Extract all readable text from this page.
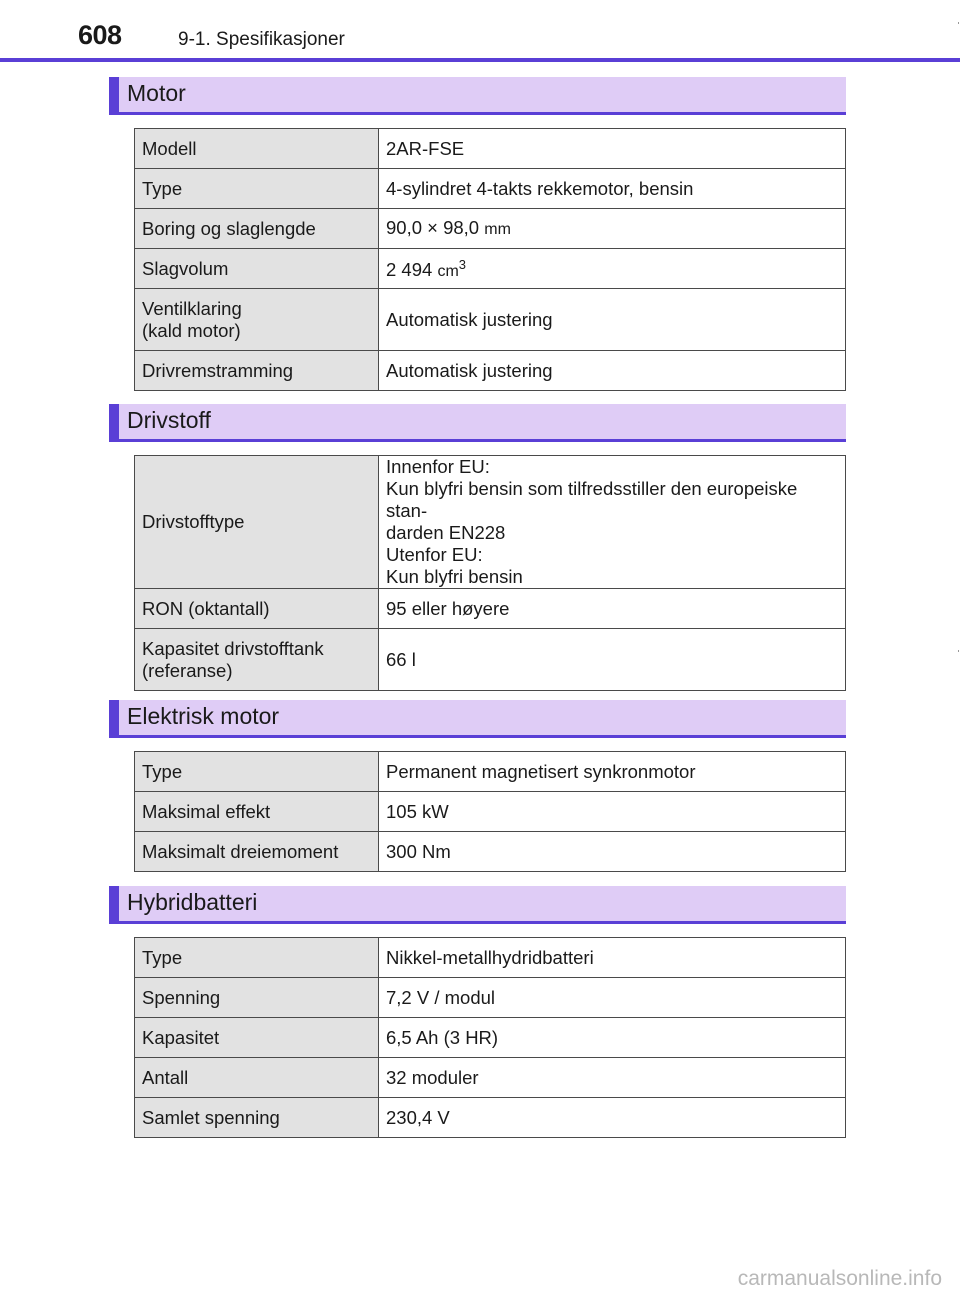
608	9-1. Spesifikasjoner
Motor
Modell	2AR-FSE
Type	4-sylindret 4-takts rekkemotor, bensin
Boring og slaglengde	90,0 × 98,0 mm
Slagvolum	2 494 $cm^3$

Ventilklaring
(kald motor)	Automatisk justering
Drivremstramming	Automatisk justering
Drivstoff
Drivstofftype	Innenfor EU:
Kun blyfri bensin som tilfredsstiller den europeiske stan-
darden EN228
Utenfor EU:
Kun blyfri bensin

RON (oktantall)	95 eller høyere

Kapasitet drivstofftank
(referanse)	66 l
Elektrisk motor
Type	Permanent magnetisert synkronmotor
Maksimal effekt	105 kW
Maksimalt dreiemoment	300 Nm
Hybridbatteri
Type	Nikkel-metallhydridbatteri
Spenning	7,2 V / modul
Kapasitet	6,5 Ah (3 HR)
Antall	32 moduler
Samlet spenning	230,4 V
carmanualsonline.info
